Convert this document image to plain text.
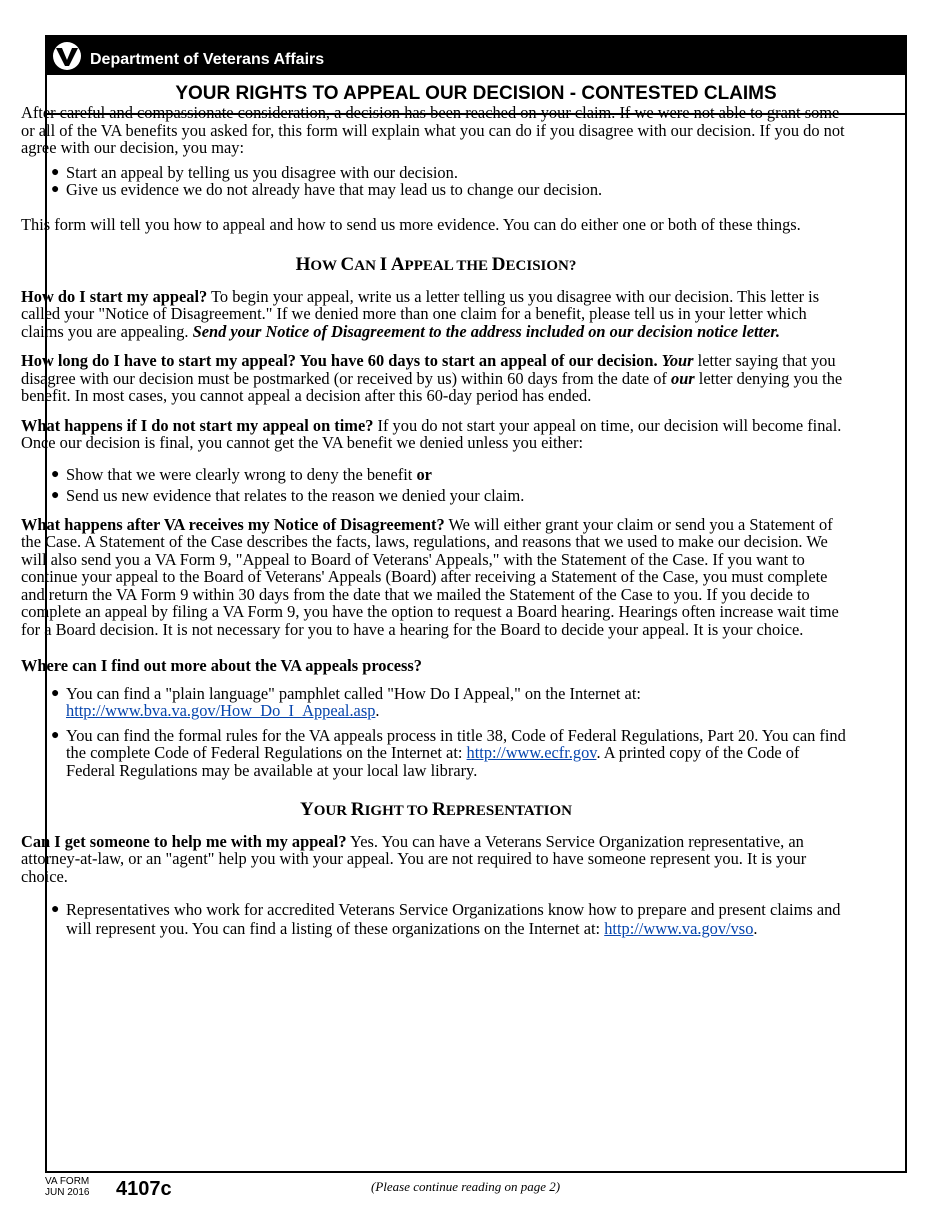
Department of Veterans Affairs
YOUR RIGHTS TO APPEAL OUR DECISION - CONTESTED CLAIMS

After careful and compassionate consideration, a decision has been reached on your claim. If we were not able to grant some or all of the VA benefits you asked for, this form will explain what you can do if you disagree with our decision. If you do not agree with our decision, you may:

● Start an appeal by telling us you disagree with our decision.
● Give us evidence we do not already have that may lead us to change our decision.

This form will tell you how to appeal and how to send us more evidence. You can do either one or both of these things.

HOW CAN I APPEAL THE DECISION?

How do I start my appeal? To begin your appeal, write us a letter telling us you disagree with our decision. This letter is called your "Notice of Disagreement." If we denied more than one claim for a benefit, please tell us in your letter which claims you are appealing. Send your Notice of Disagreement to the address included on our decision notice letter.

How long do I have to start my appeal? You have 60 days to start an appeal of our decision. Your letter saying that you disagree with our decision must be postmarked (or received by us) within 60 days from the date of our letter denying you the benefit. In most cases, you cannot appeal a decision after this 60-day period has ended.

What happens if I do not start my appeal on time? If you do not start your appeal on time, our decision will become final. Once our decision is final, you cannot get the VA benefit we denied unless you either:

● Show that we were clearly wrong to deny the benefit or
● Send us new evidence that relates to the reason we denied your claim.

What happens after VA receives my Notice of Disagreement? We will either grant your claim or send you a Statement of the Case. A Statement of the Case describes the facts, laws, regulations, and reasons that we used to make our decision. We will also send you a VA Form 9, "Appeal to Board of Veterans' Appeals," with the Statement of the Case. If you want to continue your appeal to the Board of Veterans' Appeals (Board) after receiving a Statement of the Case, you must complete and return the VA Form 9 within 30 days from the date that we mailed the Statement of the Case to you. If you decide to complete an appeal by filing a VA Form 9, you have the option to request a Board hearing. Hearings often increase wait time for a Board decision. It is not necessary for you to have a hearing for the Board to decide your appeal. It is your choice.

Where can I find out more about the VA appeals process?

● You can find a "plain language" pamphlet called "How Do I Appeal," on the Internet at: http://www.bva.va.gov/How_Do_I_Appeal.asp.
● You can find the formal rules for the VA appeals process in title 38, Code of Federal Regulations, Part 20. You can find the complete Code of Federal Regulations on the Internet at: http://www.ecfr.gov. A printed copy of the Code of Federal Regulations may be available at your local law library.
YOUR RIGHT TO REPRESENTATION

Can I get someone to help me with my appeal? Yes. You can have a Veterans Service Organization representative, an attorney-at-law, or an "agent" help you with your appeal. You are not required to have someone represent you. It is your choice.

● Representatives who work for accredited Veterans Service Organizations know how to prepare and present claims and will represent you. You can find a listing of these organizations on the Internet at: http://www.va.gov/vso.
VA FORM
JUN 2016 4107c	(Please continue reading on page 2)
